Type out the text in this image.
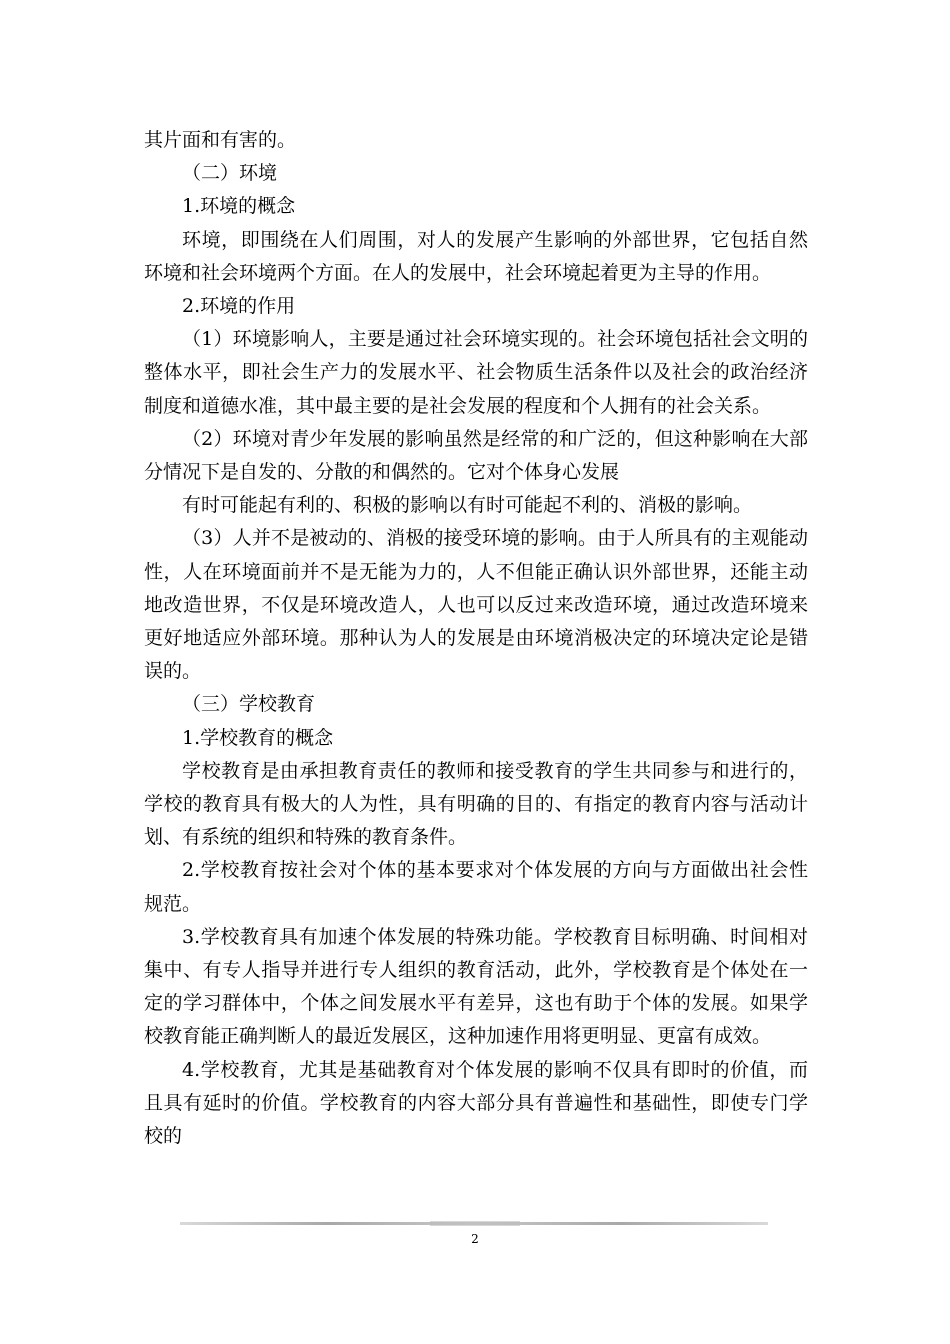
其片面和有害的。

（二）环境

1.环境的概念

环境，即围绕在人们周围，对人的发展产生影响的外部世界，它包括自然环境和社会环境两个方面。在人的发展中，社会环境起着更为主导的作用。

2.环境的作用

（1）环境影响人，主要是通过社会环境实现的。社会环境包括社会文明的整体水平，即社会生产力的发展水平、社会物质生活条件以及社会的政治经济制度和道德水准，其中最主要的是社会发展的程度和个人拥有的社会关系。

（2）环境对青少年发展的影响虽然是经常的和广泛的，但这种影响在大部分情况下是自发的、分散的和偶然的。它对个体身心发展

有时可能起有利的、积极的影响以有时可能起不利的、消极的影响。

（3）人并不是被动的、消极的接受环境的影响。由于人所具有的主观能动性，人在环境面前并不是无能为力的，人不但能正确认识外部世界，还能主动地改造世界，不仅是环境改造人，人也可以反过来改造环境，通过改造环境来更好地适应外部环境。那种认为人的发展是由环境消极决定的环境决定论是错误的。

（三）学校教育

1.学校教育的概念

学校教育是由承担教育责任的教师和接受教育的学生共同参与和进行的，学校的教育具有极大的人为性，具有明确的目的、有指定的教育内容与活动计划、有系统的组织和特殊的教育条件。

2.学校教育按社会对个体的基本要求对个体发展的方向与方面做出社会性规范。

3.学校教育具有加速个体发展的特殊功能。学校教育目标明确、时间相对集中、有专人指导并进行专人组织的教育活动，此外，学校教育是个体处在一定的学习群体中，个体之间发展水平有差异，这也有助于个体的发展。如果学校教育能正确判断人的最近发展区，这种加速作用将更明显、更富有成效。

4.学校教育，尤其是基础教育对个体发展的影响不仅具有即时的价值，而且具有延时的价值。学校教育的内容大部分具有普遍性和基础性，即使专门学校的

2
